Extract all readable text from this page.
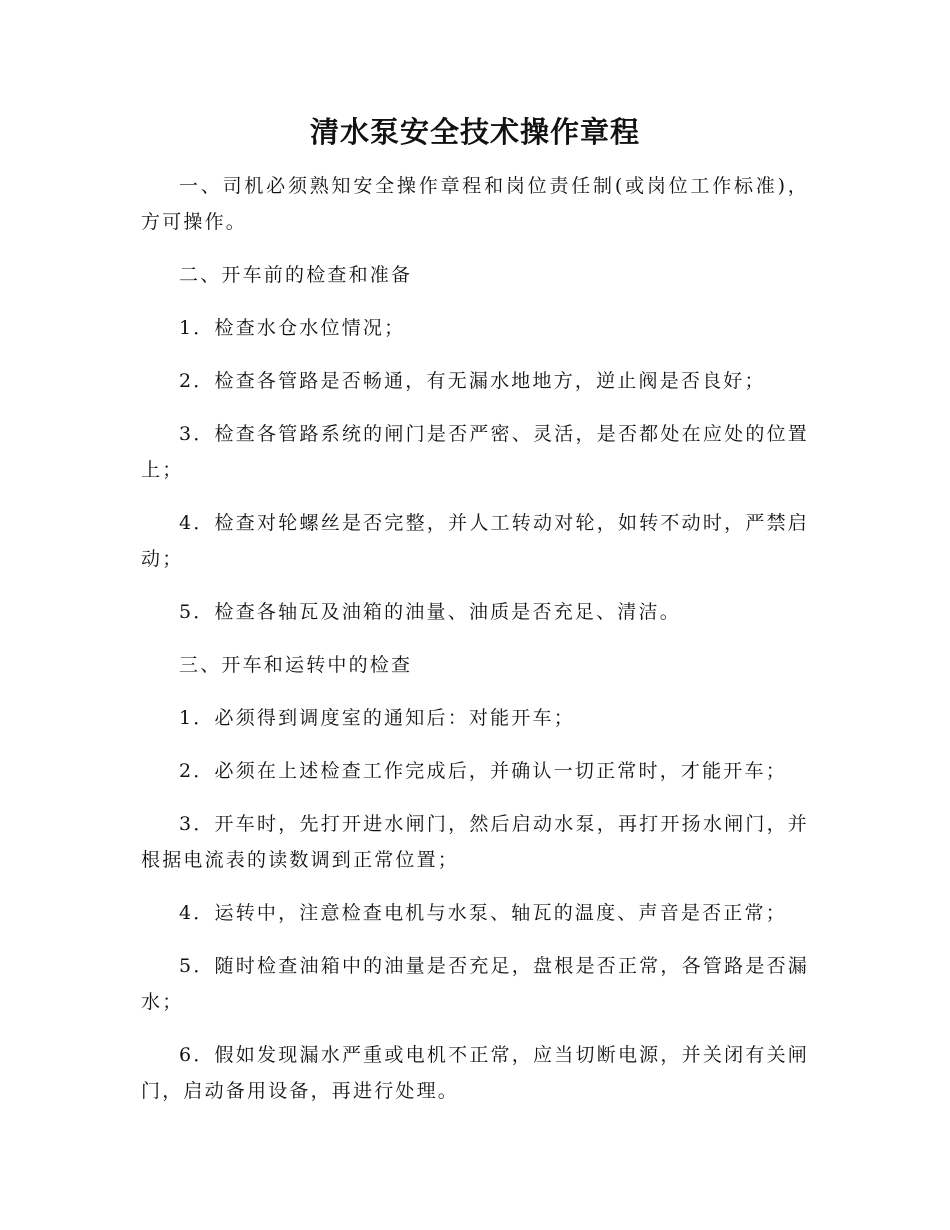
清水泵安全技术操作章程

一、司机必须熟知安全操作章程和岗位责任制(或岗位工作标准)，方可操作。

二、开车前的检查和准备

1．检查水仓水位情况；

2．检查各管路是否畅通，有无漏水地地方，逆止阀是否良好；

3．检查各管路系统的闸门是否严密、灵活，是否都处在应处的位置上；

4．检查对轮螺丝是否完整，并人工转动对轮，如转不动时，严禁启动；

5．检查各轴瓦及油箱的油量、油质是否充足、清洁。

三、开车和运转中的检查

1．必须得到调度室的通知后：对能开车；

2．必须在上述检查工作完成后，并确认一切正常时，才能开车；

3．开车时，先打开进水闸门，然后启动水泵，再打开扬水闸门，并根据电流表的读数调到正常位置；

4．运转中，注意检查电机与水泵、轴瓦的温度、声音是否正常；

5．随时检查油箱中的油量是否充足，盘根是否正常，各管路是否漏水；

6．假如发现漏水严重或电机不正常，应当切断电源，并关闭有关闸门，启动备用设备，再进行处理。
